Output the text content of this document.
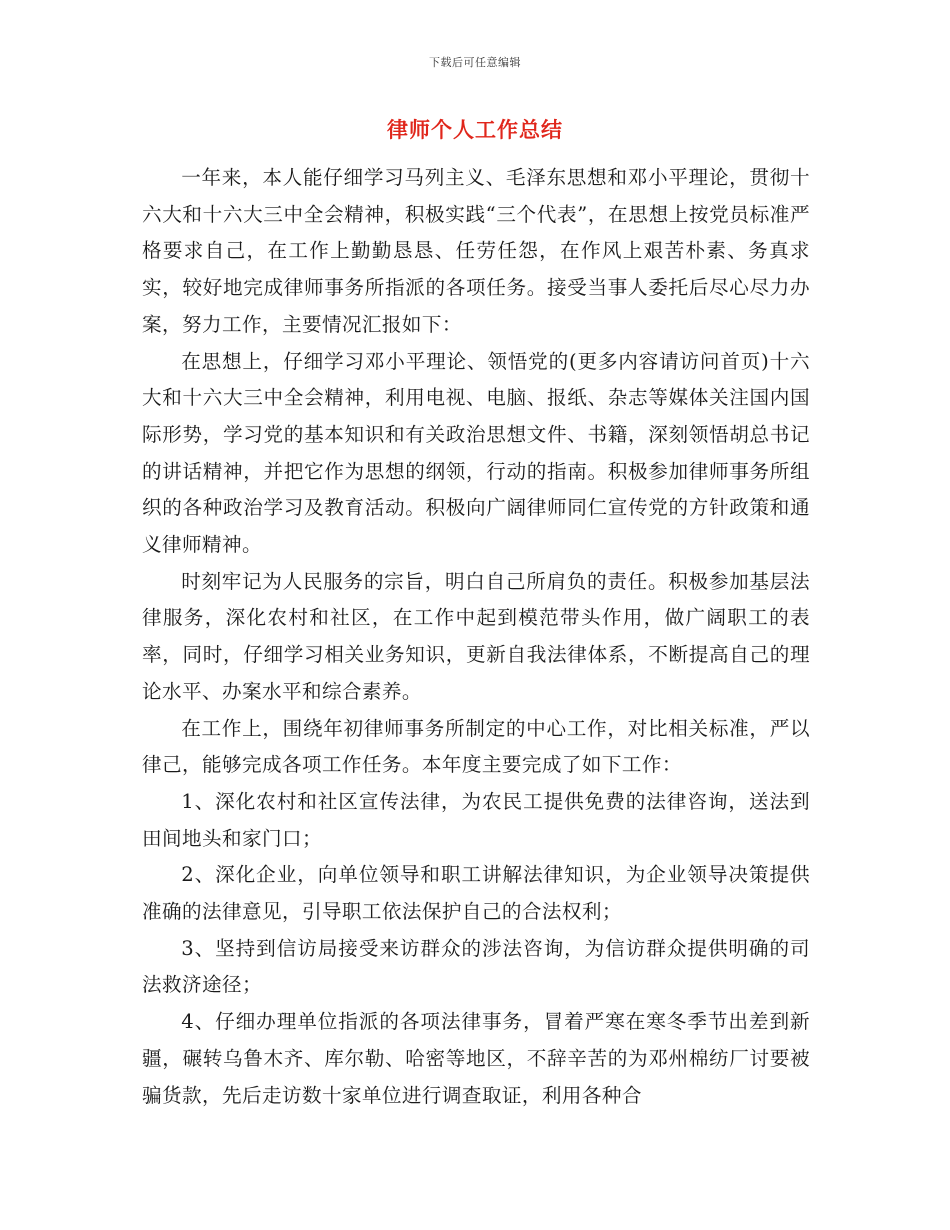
下载后可任意编辑
律师个人工作总结

一年来，本人能仔细学习马列主义、毛泽东思想和邓小平理论，贯彻十六大和十六大三中全会精神，积极实践“三个代表”，在思想上按党员标准严格要求自己，在工作上勤勤恳恳、任劳任怨，在作风上艰苦朴素、务真求实，较好地完成律师事务所指派的各项任务。接受当事人委托后尽心尽力办案，努力工作，主要情况汇报如下：

在思想上，仔细学习邓小平理论、领悟党的(更多内容请访问首页)十六大和十六大三中全会精神，利用电视、电脑、报纸、杂志等媒体关注国内国际形势，学习党的基本知识和有关政治思想文件、书籍，深刻领悟胡总书记的讲话精神，并把它作为思想的纲领，行动的指南。积极参加律师事务所组织的各种政治学习及教育活动。积极向广阔律师同仁宣传党的方针政策和通义律师精神。

时刻牢记为人民服务的宗旨，明白自己所肩负的责任。积极参加基层法律服务，深化农村和社区，在工作中起到模范带头作用，做广阔职工的表率，同时，仔细学习相关业务知识，更新自我法律体系，不断提高自己的理论水平、办案水平和综合素养。

在工作上，围绕年初律师事务所制定的中心工作，对比相关标准，严以律己，能够完成各项工作任务。本年度主要完成了如下工作：

1、深化农村和社区宣传法律，为农民工提供免费的法律咨询，送法到田间地头和家门口；

2、深化企业，向单位领导和职工讲解法律知识，为企业领导决策提供准确的法律意见，引导职工依法保护自己的合法权利；

3、坚持到信访局接受来访群众的涉法咨询，为信访群众提供明确的司法救济途径；

4、仔细办理单位指派的各项法律事务，冒着严寒在寒冬季节出差到新疆，碾转乌鲁木齐、库尔勒、哈密等地区，不辞辛苦的为邓州棉纺厂讨要被骗货款，先后走访数十家单位进行调查取证，利用各种合
